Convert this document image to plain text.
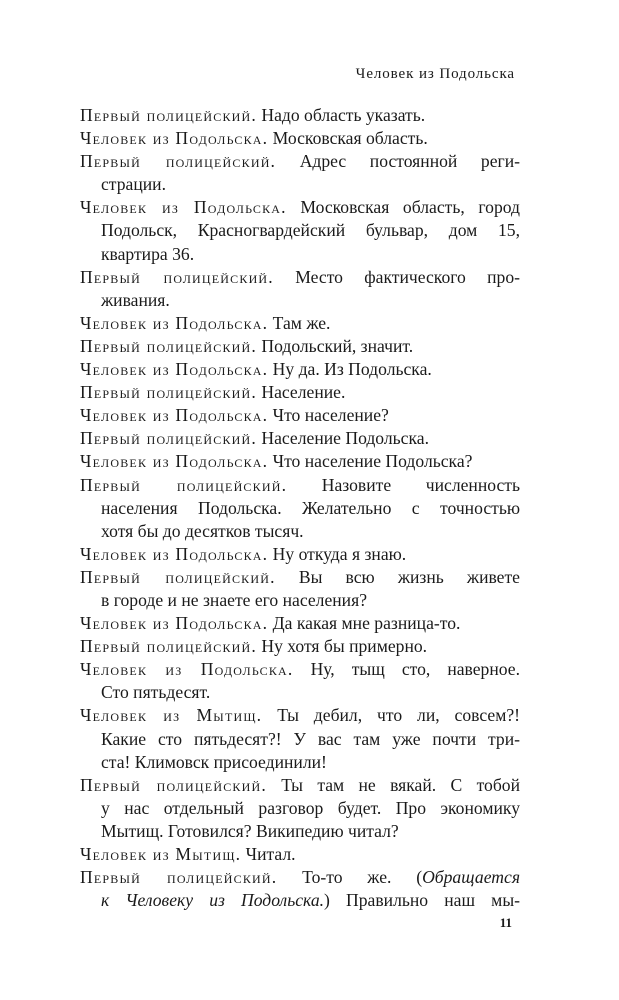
Человек из Подольска
Первый полицейский. Надо область указать.
Человек из Подольска. Московская область.
Первый полицейский. Адрес постоянной реги-
страции.
Человек из Подольска. Московская область, город
Подольск, Красногвардейский бульвар, дом 15,
квартира 36.
Первый полицейский. Место фактического про-
живания.
Человек из Подольска. Там же.
Первый полицейский. Подольский, значит.
Человек из Подольска. Ну да. Из Подольска.
Первый полицейский. Население.
Человек из Подольска. Что население?
Первый полицейский. Население Подольска.
Человек из Подольска. Что население Подольска?
Первый полицейский. Назовите численность
населения Подольска. Желательно с точностью
хотя бы до десятков тысяч.
Человек из Подольска. Ну откуда я знаю.
Первый полицейский. Вы всю жизнь живете
в городе и не знаете его населения?
Человек из Подольска. Да какая мне разница-то.
Первый полицейский. Ну хотя бы примерно.
Человек из Подольска. Ну, тыщ сто, наверное.
Сто пятьдесят.
Человек из Мытищ. Ты дебил, что ли, совсем?!
Какие сто пятьдесят?! У вас там уже почти три-
ста! Климовск присоединили!
Первый полицейский. Ты там не вякай. С тобой
у нас отдельный разговор будет. Про экономику
Мытищ. Готовился? Википедию читал?
Человек из Мытищ. Читал.
Первый полицейский. То-то же. (Обращается
к Человеку из Подольска.) Правильно наш мы-
11
